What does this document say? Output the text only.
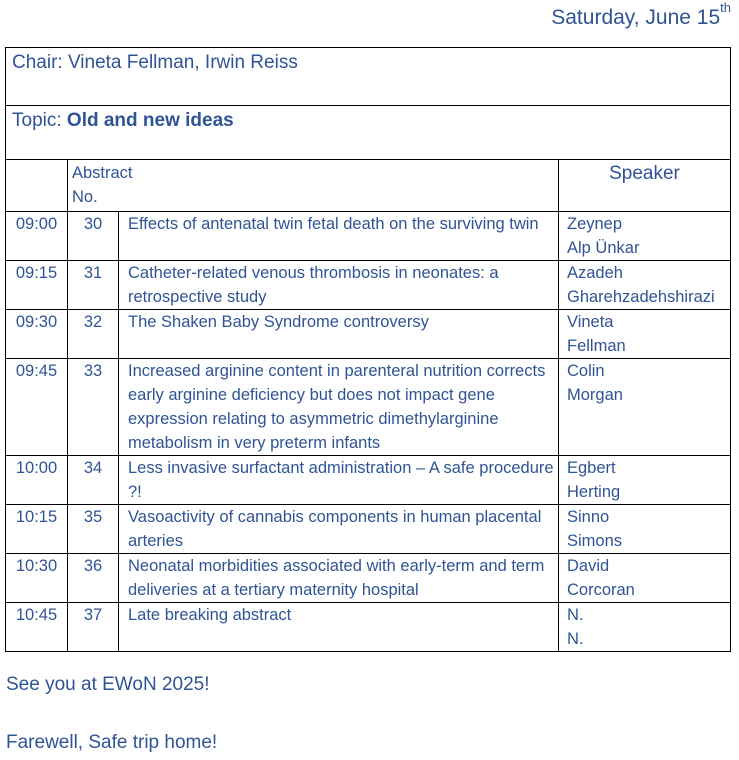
Saturday, June 15th
Chair: Vineta Fellman, Irwin Reiss			
Topic: Old and new ideas			

	Abstract
No.		Speaker
09:00	30	Effects of antenatal twin fetal death on the surviving twin	Zeynep
Alp Ünkar

09:15	31	Catheter-related venous thrombosis in neonates: a retrospective study	Azadeh
Gharehzadehshirazi

09:30	32	The Shaken Baby Syndrome controversy	Vineta
Fellman

09:45	33	Increased arginine content in parenteral nutrition corrects early arginine deficiency but does not impact gene expression relating to asymmetric dimethylarginine metabolism in very preterm infants	Colin
Morgan

10:00	34	Less invasive surfactant administration – A safe procedure ?!	Egbert
Herting

10:15	35	Vasoactivity of cannabis components in human placental arteries	Sinno
Simons

10:30	36	Neonatal morbidities associated with early-term and term deliveries at a tertiary maternity hospital	David
Corcoran

10:45	37	Late breaking abstract	N.
N.
See you at EWoN 2025!
Farewell, Safe trip home!
